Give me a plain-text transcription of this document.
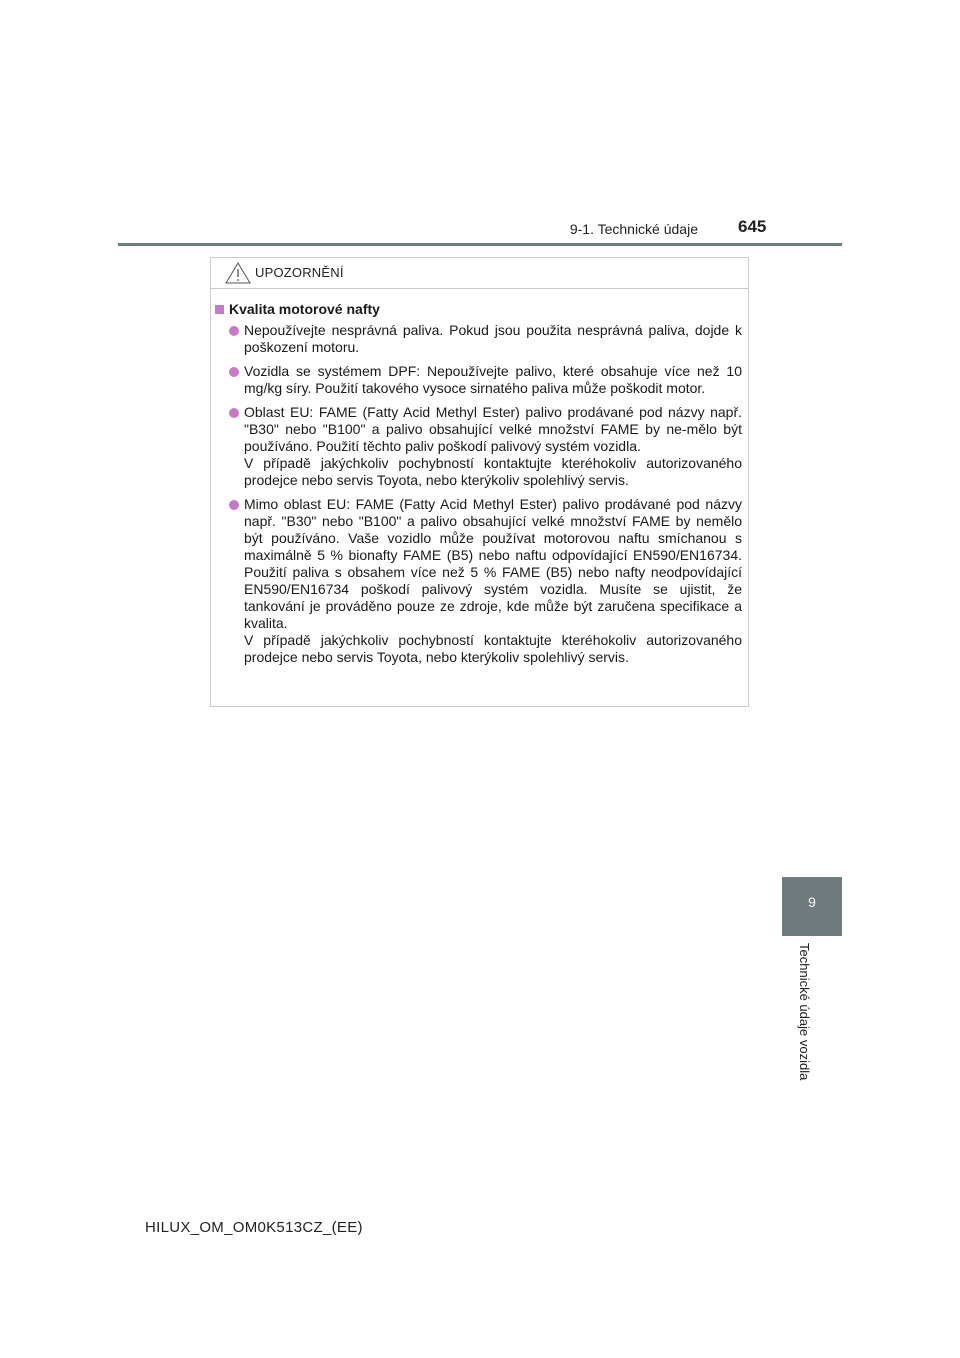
9-1. Technické údaje 645
UPOZORNĚNÍ
Kvalita motorové nafty
Nepoužívejte nesprávná paliva. Pokud jsou použita nesprávná paliva, dojde k poškození motoru.
Vozidla se systémem DPF: Nepoužívejte palivo, které obsahuje více než 10 mg/kg síry. Použití takového vysoce sirnatého paliva může poškodit motor.
Oblast EU: FAME (Fatty Acid Methyl Ester) palivo prodávané pod názvy např. "B30" nebo "B100" a palivo obsahující velké množství FAME by ne-mělo být používáno. Použití těchto paliv poškodí palivový systém vozidla.
V případě jakýchkoliv pochybností kontaktujte kteréhokoliv autorizovaného prodejce nebo servis Toyota, nebo kterýkoliv spolehlivý servis.
Mimo oblast EU: FAME (Fatty Acid Methyl Ester) palivo prodávané pod názvy např. "B30" nebo "B100" a palivo obsahující velké množství FAME by nemělo být používáno. Vaše vozidlo může používat motorovou naftu smíchanou s maximálně 5 % bionafty FAME (B5) nebo naftu odpovídající EN590/EN16734. Použití paliva s obsahem více než 5 % FAME (B5) nebo nafty neodpovídající EN590/EN16734 poškodí palivový systém vozidla. Musíte se ujistit, že tankování je prováděno pouze ze zdroje, kde může být zaručena specifikace a kvalita.
V případě jakýchkoliv pochybností kontaktujte kteréhokoliv autorizovaného prodejce nebo servis Toyota, nebo kterýkoliv spolehlivý servis.
9
Technické údaje vozidla
HILUX_OM_OM0K513CZ_(EE)
